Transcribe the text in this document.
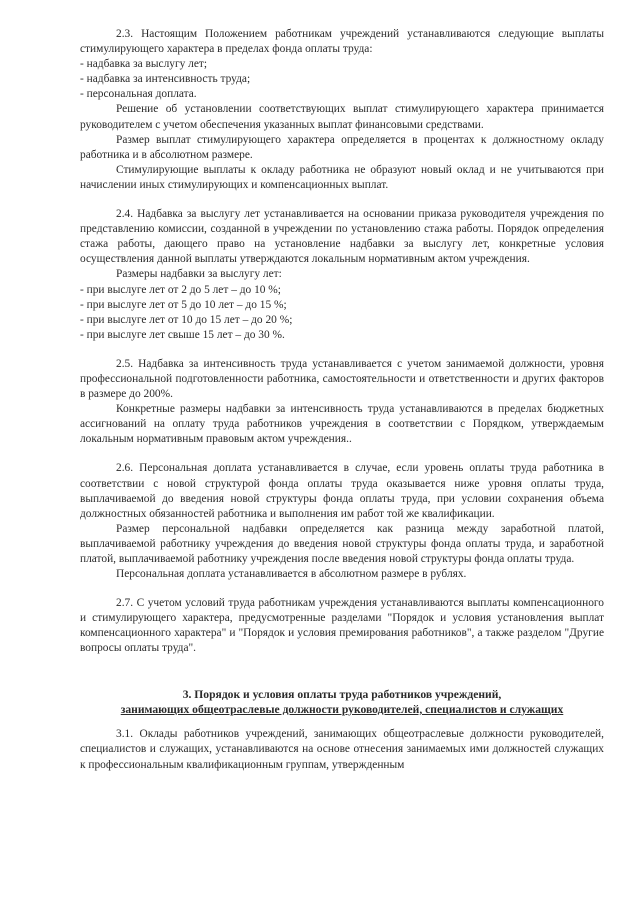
2.3. Настоящим Положением работникам учреждений устанавливаются следующие выплаты стимулирующего характера в пределах фонда оплаты труда:

- надбавка за выслугу лет;

- надбавка за интенсивность труда;

- персональная доплата.

Решение об установлении соответствующих выплат стимулирующего характера принимается руководителем с учетом обеспечения указанных выплат финансовыми средствами.

Размер выплат стимулирующего характера определяется в процентах к должностному окладу работника и в абсолютном размере.

Стимулирующие выплаты к окладу работника не образуют новый оклад и не учитываются при начислении иных стимулирующих и компенсационных выплат.

2.4. Надбавка за выслугу лет устанавливается на основании приказа руководителя учреждения по представлению комиссии, созданной в учреждении по установлению стажа работы. Порядок определения стажа работы, дающего право на установление надбавки за выслугу лет, конкретные условия осуществления данной выплаты утверждаются локальным нормативным актом учреждения.

Размеры надбавки за выслугу лет:

- при выслуге лет от 2 до 5 лет – до 10 %;

- при выслуге лет от 5 до 10 лет – до 15 %;

- при выслуге лет от 10 до 15 лет – до 20 %;

- при выслуге лет свыше 15 лет – до 30 %.

2.5. Надбавка за интенсивность труда устанавливается с учетом занимаемой должности, уровня профессиональной подготовленности работника, самостоятельности и ответственности и других факторов в размере до 200%.

Конкретные размеры надбавки за интенсивность труда устанавливаются в пределах бюджетных ассигнований на оплату труда работников учреждения в соответствии с Порядком, утверждаемым локальным нормативным правовым актом учреждения..

2.6. Персональная доплата устанавливается в случае, если уровень оплаты труда работника в соответствии с новой структурой фонда оплаты труда оказывается ниже уровня оплаты труда, выплачиваемой до введения новой структуры фонда оплаты труда, при условии сохранения объема должностных обязанностей работника и выполнения им работ той же квалификации.

Размер персональной надбавки определяется как разница между заработной платой, выплачиваемой работнику учреждения до введения новой структуры фонда оплаты труда, и заработной платой, выплачиваемой работнику учреждения после введения новой структуры фонда оплаты труда.

Персональная доплата устанавливается в абсолютном размере в рублях.

2.7. С учетом условий труда работникам учреждения устанавливаются выплаты компенсационного и стимулирующего характера, предусмотренные разделами "Порядок и условия установления выплат компенсационного характера" и "Порядок и условия премирования работников", а также разделом "Другие вопросы оплаты труда".

3. Порядок и условия оплаты труда работников учреждений,
занимающих общеотраслевые должности руководителей, специалистов и служащих

3.1. Оклады работников учреждений, занимающих общеотраслевые должности руководителей, специалистов и служащих, устанавливаются на основе отнесения занимаемых ими должностей служащих к профессиональным квалификационным группам, утвержденным
